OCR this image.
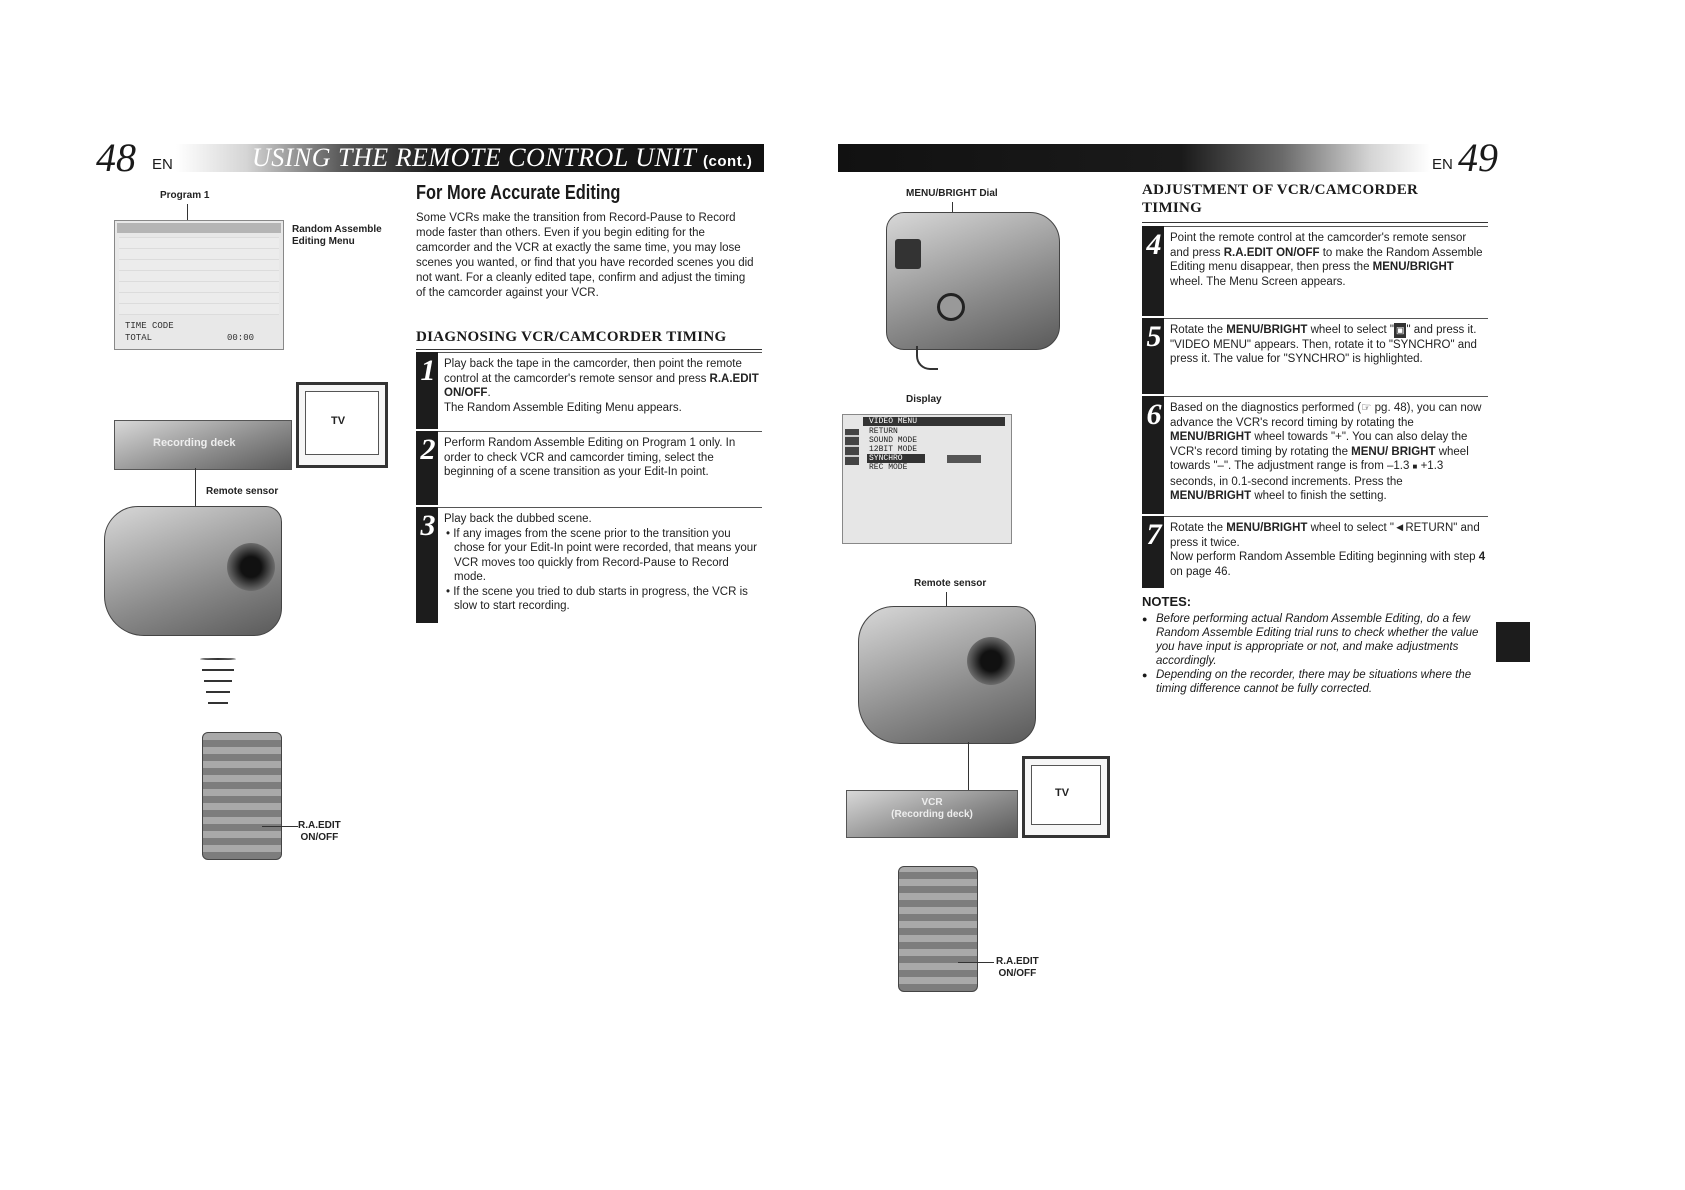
48 EN	USING THE REMOTE CONTROL UNIT (cont.)
Program 1
TIME CODE
TOTAL	00:00
Random Assemble
Editing Menu
TV
Recording deck
Remote sensor
R.A.EDIT
ON/OFF
For More Accurate Editing
Some VCRs make the transition from Record-Pause to Record mode faster than others. Even if you begin editing for the camcorder and the VCR at exactly the same time, you may lose scenes you wanted, or find that you have recorded scenes you did not want. For a cleanly edited tape, confirm and adjust the timing of the camcorder against your VCR.
DIAGNOSING VCR/CAMCORDER TIMING
1 Play back the tape in the camcorder, then point the remote control at the camcorder's remote sensor and press R.A.EDIT ON/OFF.
The Random Assemble Editing Menu appears.
2 Perform Random Assemble Editing on Program 1 only. In order to check VCR and camcorder timing, select the beginning of a scene transition as your Edit-In point.
3 Play back the dubbed scene.
• If any images from the scene prior to the transition you chose for your Edit-In point were recorded, that means your VCR moves too quickly from Record-Pause to Record mode.
• If the scene you tried to dub starts in progress, the VCR is slow to start recording.
EN 49
MENU/BRIGHT Dial
Display
VIDEO MENU
RETURN
SOUND MODE
12BIT MODE
SYNCHRO
REC MODE
Remote sensor
VCR
(Recording deck)
TV
R.A.EDIT
ON/OFF
ADJUSTMENT OF VCR/CAMCORDER
TIMING
4 Point the remote control at the camcorder's remote sensor and press R.A.EDIT ON/OFF to make the Random Assemble Editing menu disappear, then press the MENU/BRIGHT wheel. The Menu Screen appears.
5 Rotate the MENU/BRIGHT wheel to select " ▣ " and press it. "VIDEO MENU" appears. Then, rotate it to "SYNCHRO" and press it. The value for "SYNCHRO" is highlighted.
6 Based on the diagnostics performed (☞ pg. 48), you can now advance the VCR's record timing by rotating the MENU/BRIGHT wheel towards "+". You can also delay the VCR's record timing by rotating the MENU/ BRIGHT wheel towards "–". The adjustment range is from –1.3 ■ +1.3 seconds, in 0.1-second increments. Press the MENU/BRIGHT wheel to finish the setting.
7 Rotate the MENU/BRIGHT wheel to select "◄RETURN" and press it twice.
Now perform Random Assemble Editing beginning with step 4 on page 46.
NOTES:
● Before performing actual Random Assemble Editing, do a few Random Assemble Editing trial runs to check whether the value you have input is appropriate or not, and make adjustments accordingly.
● Depending on the recorder, there may be situations where the timing difference cannot be fully corrected.
